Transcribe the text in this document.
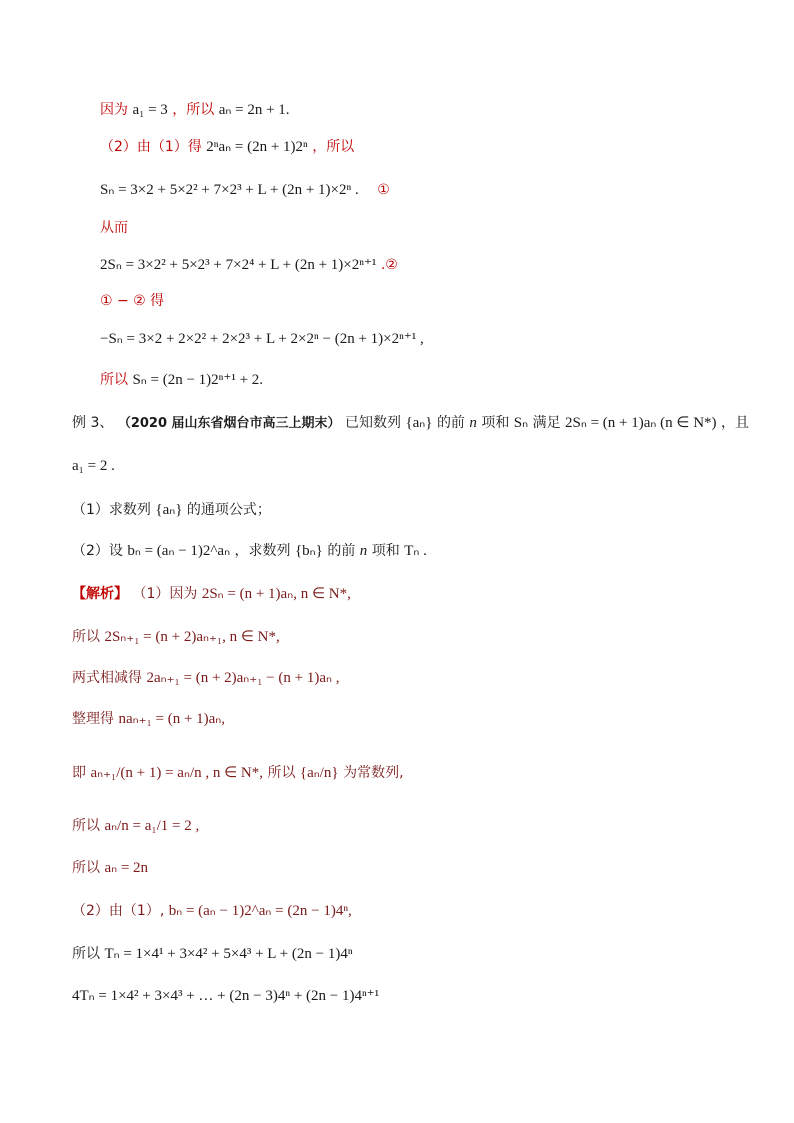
因为 a₁ = 3 ，所以 aₙ = 2n + 1.
（2）由（1）得 2ⁿaₙ = (2n + 1)2ⁿ ，所以
Sₙ = 3×2 + 5×2² + 7×2³ + L + (2n + 1)×2ⁿ . ①
从而
2Sₙ = 3×2² + 5×2³ + 7×2⁴ + L + (2n + 1)×2ⁿ⁺¹ .②
① − ② 得
−Sₙ = 3×2 + 2×2² + 2×2³ + L + 2×2ⁿ − (2n + 1)×2ⁿ⁺¹ ,
所以 Sₙ = (2n − 1)2ⁿ⁺¹ + 2.
例 3、 （2020 届山东省烟台市高三上期末） 已知数列 {aₙ} 的前 n 项和 Sₙ 满足 2Sₙ = (n + 1)aₙ (n ∈ N*) ，且
a₁ = 2 .
（1）求数列 {aₙ} 的通项公式；
（2）设 bₙ = (aₙ − 1)2^aₙ ，求数列 {bₙ} 的前 n 项和 Tₙ .
【解析】 （1）因为 2Sₙ = (n + 1)aₙ, n ∈ N*,
所以 2Sₙ₊₁ = (n + 2)aₙ₊₁, n ∈ N*,
两式相减得 2aₙ₊₁ = (n + 2)aₙ₊₁ − (n + 1)aₙ ,
整理得 naₙ₊₁ = (n + 1)aₙ,
即 aₙ₊₁/(n + 1) = aₙ/n , n ∈ N*, 所以 {aₙ/n} 为常数列,
所以 aₙ/n = a₁/1 = 2 ,
所以 aₙ = 2n
（2）由（1）, bₙ = (aₙ − 1)2^aₙ = (2n − 1)4ⁿ,
所以 Tₙ = 1×4¹ + 3×4² + 5×4³ + L + (2n − 1)4ⁿ
4Tₙ = 1×4² + 3×4³ + … + (2n − 3)4ⁿ + (2n − 1)4ⁿ⁺¹
